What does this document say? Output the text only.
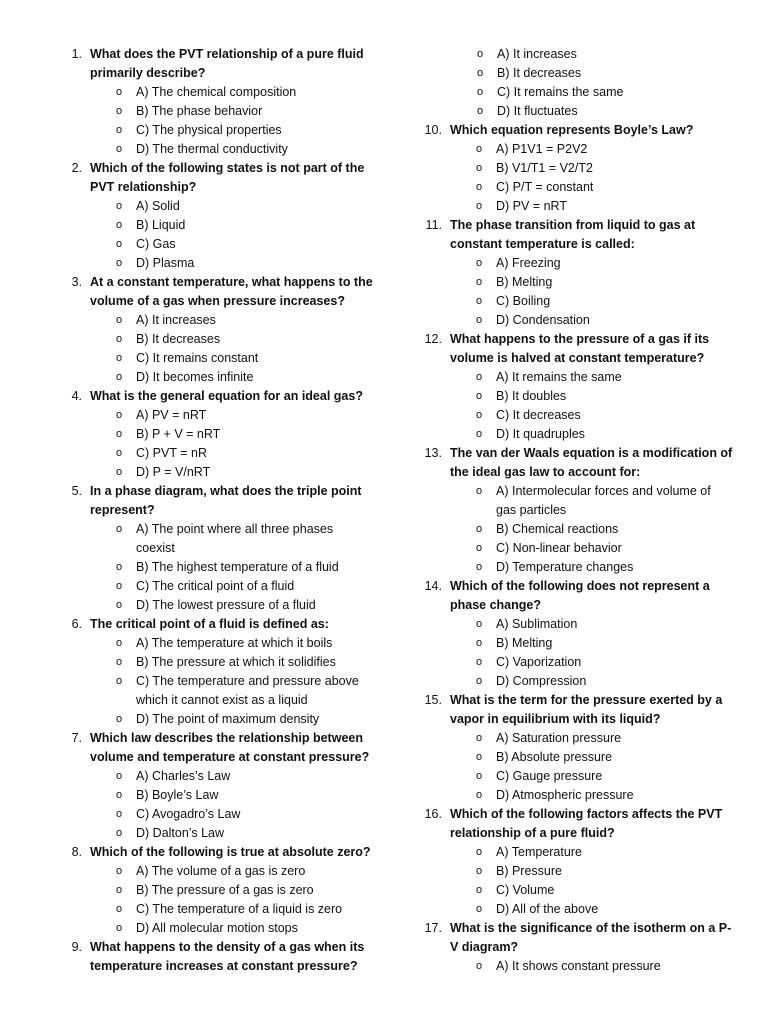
1. What does the PVT relationship of a pure fluid primarily describe?
o A) The chemical composition
o B) The phase behavior
o C) The physical properties
o D) The thermal conductivity
2. Which of the following states is not part of the PVT relationship?
o A) Solid
o B) Liquid
o C) Gas
o D) Plasma
3. At a constant temperature, what happens to the volume of a gas when pressure increases?
o A) It increases
o B) It decreases
o C) It remains constant
o D) It becomes infinite
4. What is the general equation for an ideal gas?
o A) PV = nRT
o B) P + V = nRT
o C) PVT = nR
o D) P = V/nRT
5. In a phase diagram, what does the triple point represent?
o A) The point where all three phases coexist
o B) The highest temperature of a fluid
o C) The critical point of a fluid
o D) The lowest pressure of a fluid
6. The critical point of a fluid is defined as:
o A) The temperature at which it boils
o B) The pressure at which it solidifies
o C) The temperature and pressure above which it cannot exist as a liquid
o D) The point of maximum density
7. Which law describes the relationship between volume and temperature at constant pressure?
o A) Charles’s Law
o B) Boyle’s Law
o C) Avogadro’s Law
o D) Dalton’s Law
8. Which of the following is true at absolute zero?
o A) The volume of a gas is zero
o B) The pressure of a gas is zero
o C) The temperature of a liquid is zero
o D) All molecular motion stops
9. What happens to the density of a gas when its temperature increases at constant pressure?
o A) It increases
o B) It decreases
o C) It remains the same
o D) It fluctuates
10. Which equation represents Boyle’s Law?
o A) P1V1 = P2V2
o B) V1/T1 = V2/T2
o C) P/T = constant
o D) PV = nRT
11. The phase transition from liquid to gas at constant temperature is called:
o A) Freezing
o B) Melting
o C) Boiling
o D) Condensation
12. What happens to the pressure of a gas if its volume is halved at constant temperature?
o A) It remains the same
o B) It doubles
o C) It decreases
o D) It quadruples
13. The van der Waals equation is a modification of the ideal gas law to account for:
o A) Intermolecular forces and volume of gas particles
o B) Chemical reactions
o C) Non-linear behavior
o D) Temperature changes
14. Which of the following does not represent a phase change?
o A) Sublimation
o B) Melting
o C) Vaporization
o D) Compression
15. What is the term for the pressure exerted by a vapor in equilibrium with its liquid?
o A) Saturation pressure
o B) Absolute pressure
o C) Gauge pressure
o D) Atmospheric pressure
16. Which of the following factors affects the PVT relationship of a pure fluid?
o A) Temperature
o B) Pressure
o C) Volume
o D) All of the above
17. What is the significance of the isotherm on a P-V diagram?
o A) It shows constant pressure
